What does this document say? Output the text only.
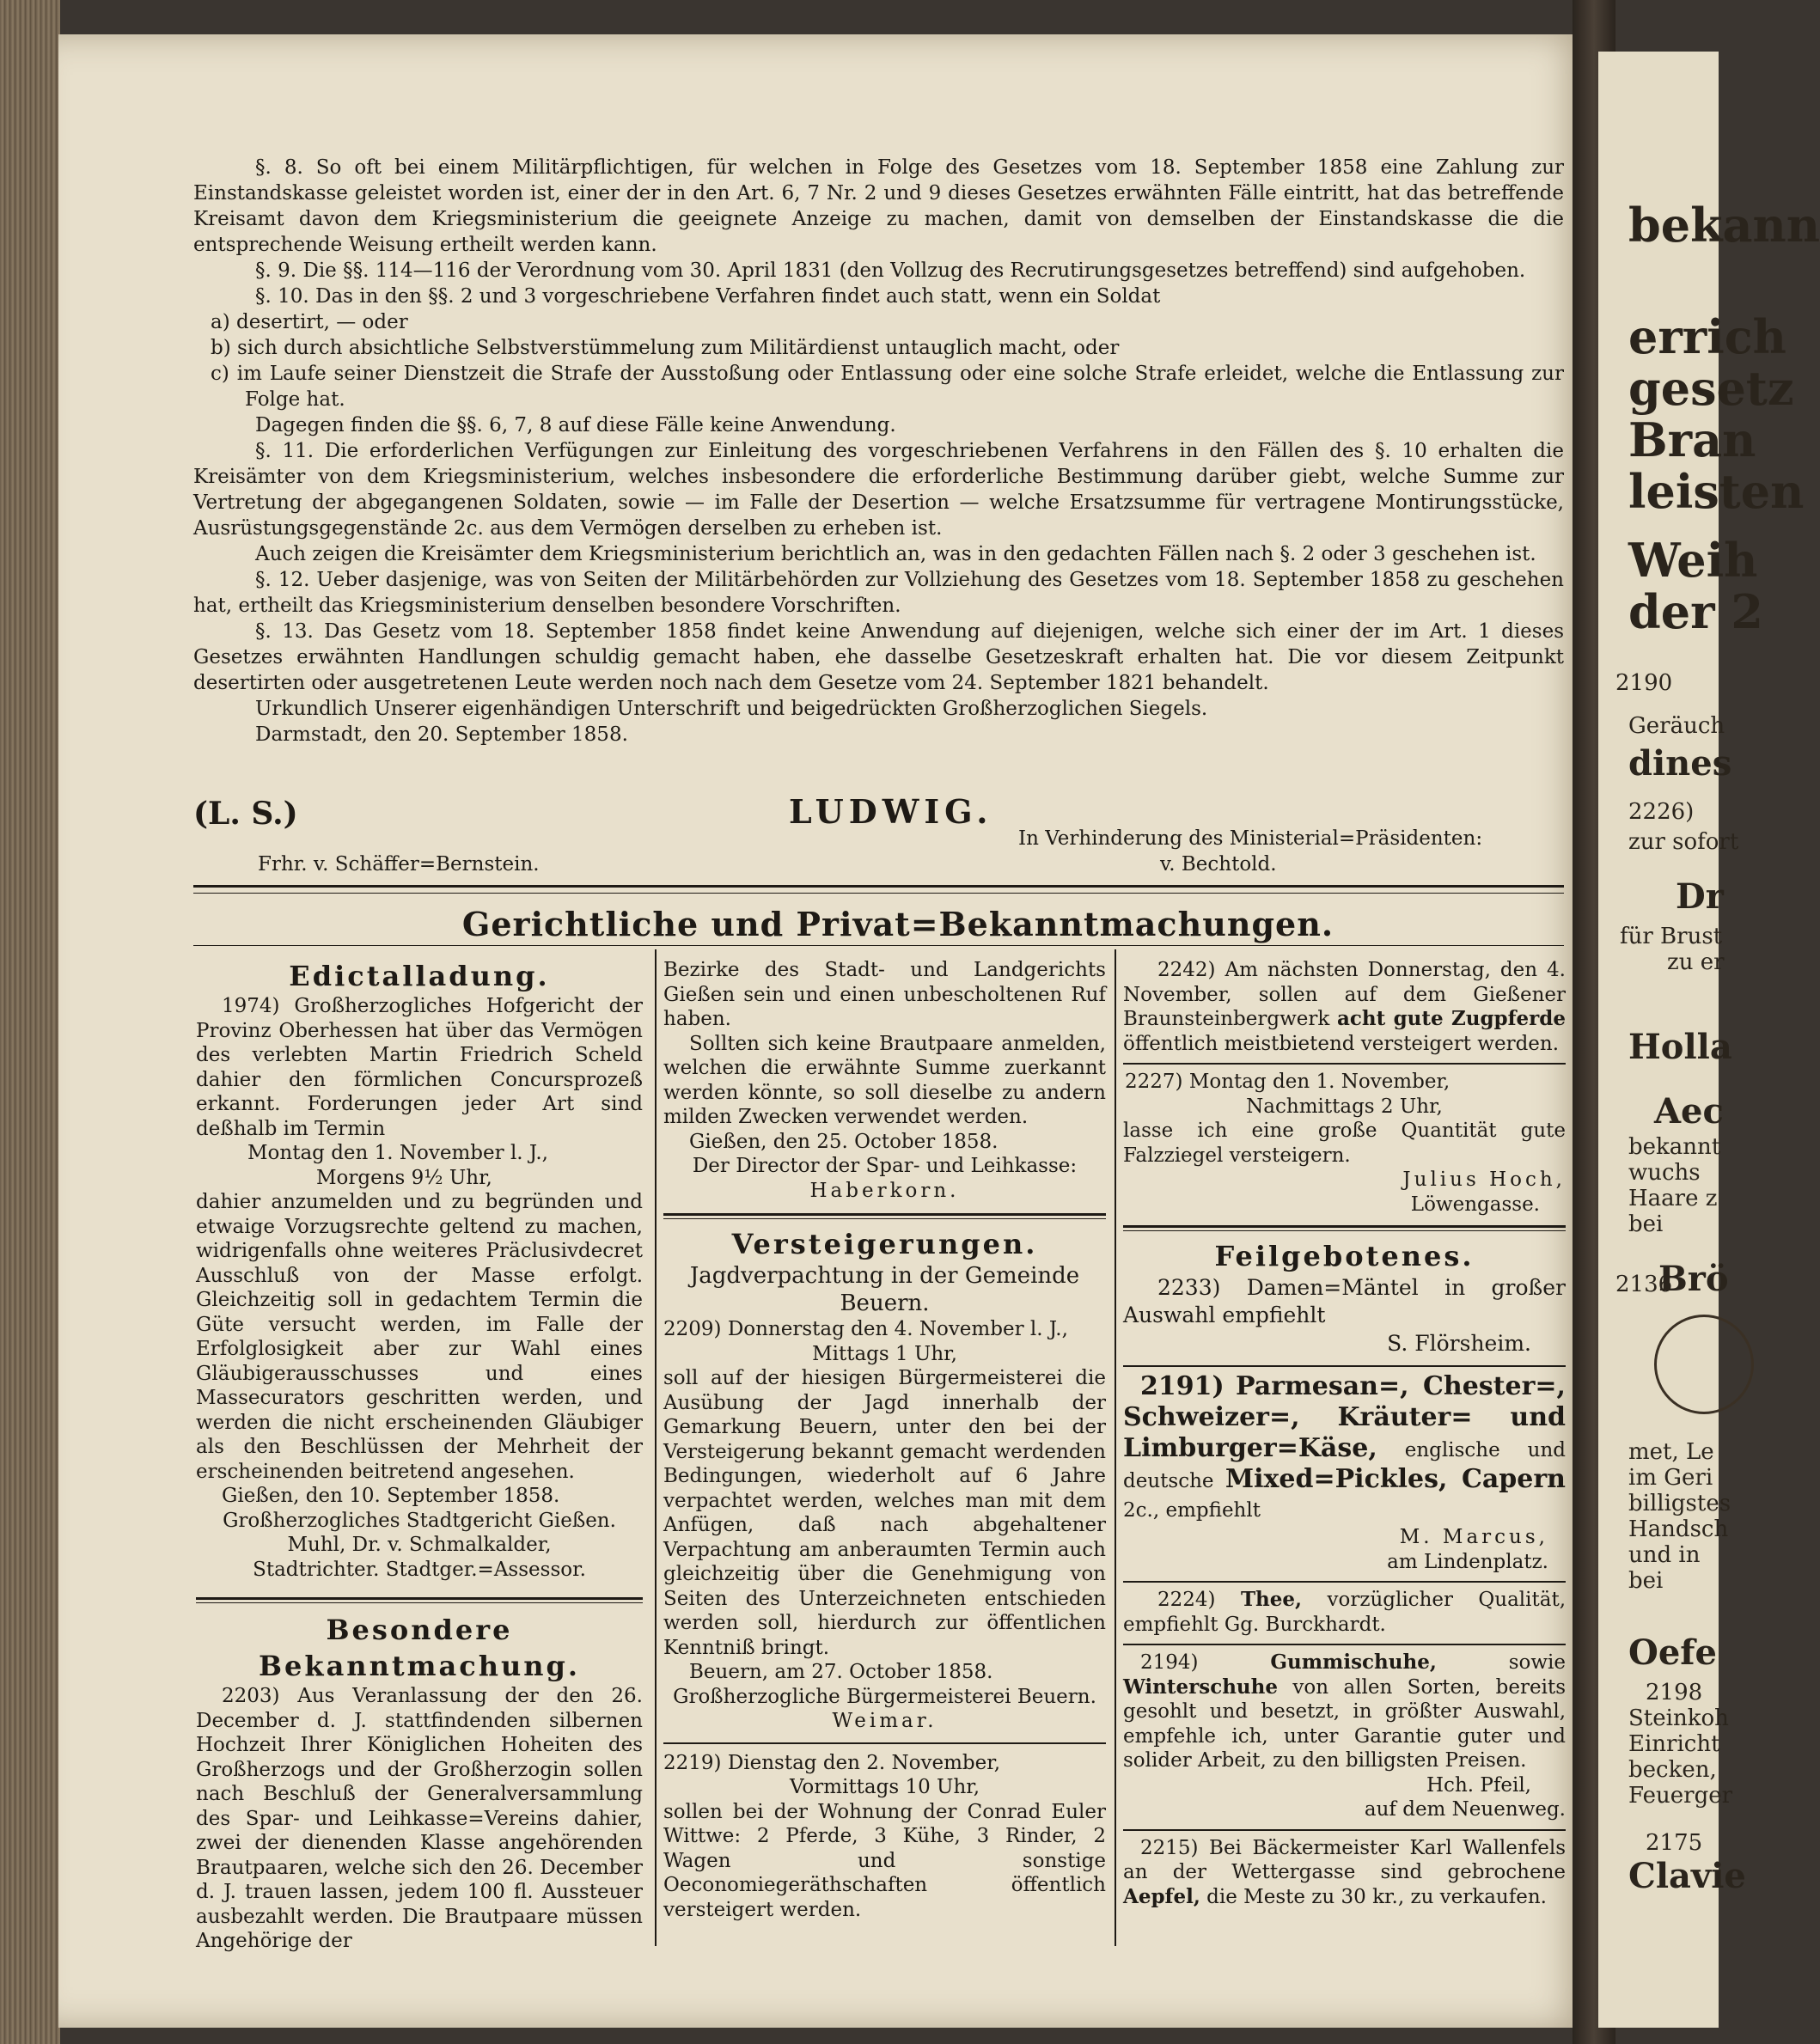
§. 8. So oft bei einem Militärpflichtigen, für welchen in Folge des Gesetzes vom 18. September 1858 eine Zahlung zur Einstandskasse geleistet worden ist, einer der in den Art. 6, 7 Nr. 2 und 9 dieses Gesetzes erwähnten Fälle eintritt, hat das betreffende Kreisamt davon dem Kriegsministerium die geeignete Anzeige zu machen, damit von demselben der Einstandskasse die die entsprechende Weisung ertheilt werden kann.

§. 9. Die §§. 114—116 der Verordnung vom 30. April 1831 (den Vollzug des Recrutirungsgesetzes betreffend) sind aufgehoben.

§. 10. Das in den §§. 2 und 3 vorgeschriebene Verfahren findet auch statt, wenn ein Soldat

a) desertirt, — oder

b) sich durch absichtliche Selbstverstümmelung zum Militärdienst untauglich macht, oder

c) im Laufe seiner Dienstzeit die Strafe der Ausstoßung oder Entlassung oder eine solche Strafe erleidet, welche die Entlassung zur Folge hat.

Dagegen finden die §§. 6, 7, 8 auf diese Fälle keine Anwendung.

§. 11. Die erforderlichen Verfügungen zur Einleitung des vorgeschriebenen Verfahrens in den Fällen des §. 10 erhalten die Kreisämter von dem Kriegsministerium, welches insbesondere die erforderliche Bestimmung darüber giebt, welche Summe zur Vertretung der abgegangenen Soldaten, sowie — im Falle der Desertion — welche Ersatzsumme für vertragene Montirungsstücke, Ausrüstungsgegenstände 2c. aus dem Vermögen derselben zu erheben ist.

Auch zeigen die Kreisämter dem Kriegsministerium berichtlich an, was in den gedachten Fällen nach §. 2 oder 3 geschehen ist.

§. 12. Ueber dasjenige, was von Seiten der Militärbehörden zur Vollziehung des Gesetzes vom 18. September 1858 zu geschehen hat, ertheilt das Kriegsministerium denselben besondere Vorschriften.

§. 13. Das Gesetz vom 18. September 1858 findet keine Anwendung auf diejenigen, welche sich einer der im Art. 1 dieses Gesetzes erwähnten Handlungen schuldig gemacht haben, ehe dasselbe Gesetzeskraft erhalten hat. Die vor diesem Zeitpunkt desertirten oder ausgetretenen Leute werden noch nach dem Gesetze vom 24. September 1821 behandelt.

Urkundlich Unserer eigenhändigen Unterschrift und beigedrückten Großherzoglichen Siegels.

Darmstadt, den 20. September 1858.

(L. S.)	LUDWIG.
In Verhinderung des Ministerial=Präsidenten:
Frhr. v. Schäffer=Bernstein.	v. Bechtold.
Gerichtliche und Privat=Bekanntmachungen.

Edictalladung.

1974) Großherzogliches Hofgericht der Provinz Oberhessen hat über das Vermögen des verlebten Martin Friedrich Scheld dahier den förmlichen Concursprozeß erkannt. Forderungen jeder Art sind deßhalb im Termin

Montag den 1. November l. J.,

Morgens 9½ Uhr,

dahier anzumelden und zu begründen und etwaige Vorzugsrechte geltend zu machen, widrigenfalls ohne weiteres Präclusivdecret Ausschluß von der Masse erfolgt. Gleichzeitig soll in gedachtem Termin die Güte versucht werden, im Falle der Erfolglosigkeit aber zur Wahl eines Gläubigerausschusses und eines Massecurators geschritten werden, und werden die nicht erscheinenden Gläubiger als den Beschlüssen der Mehrheit der erscheinenden beitretend angesehen.

Gießen, den 10. September 1858.

Großherzogliches Stadtgericht Gießen.

Muhl, Dr. v. Schmalkalder,

Stadtrichter. Stadtger.=Assessor.

Besondere Bekanntmachung.

2203) Aus Veranlassung der den 26. December d. J. stattfindenden silbernen Hochzeit Ihrer Königlichen Hoheiten des Großherzogs und der Großherzogin sollen nach Beschluß der Generalversammlung des Spar- und Leihkasse=Vereins dahier, zwei der dienenden Klasse angehörenden Brautpaaren, welche sich den 26. December d. J. trauen lassen, jedem 100 fl. Aussteuer ausbezahlt werden. Die Brautpaare müssen Angehörige der

Bezirke des Stadt- und Landgerichts Gießen sein und einen unbescholtenen Ruf haben.

Sollten sich keine Brautpaare anmelden, welchen die erwähnte Summe zuerkannt werden könnte, so soll dieselbe zu andern milden Zwecken verwendet werden.

Gießen, den 25. October 1858.

Der Director der Spar- und Leihkasse:

Haberkorn.

Versteigerungen.

Jagdverpachtung in der Gemeinde Beuern.

2209) Donnerstag den 4. November l. J.,

Mittags 1 Uhr,

soll auf der hiesigen Bürgermeisterei die Ausübung der Jagd innerhalb der Gemarkung Beuern, unter den bei der Versteigerung bekannt gemacht werdenden Bedingungen, wiederholt auf 6 Jahre verpachtet werden, welches man mit dem Anfügen, daß nach abgehaltener Verpachtung am anberaumten Termin auch gleichzeitig über die Genehmigung von Seiten des Unterzeichneten entschieden werden soll, hierdurch zur öffentlichen Kenntniß bringt.

Beuern, am 27. October 1858.

Großherzogliche Bürgermeisterei Beuern.

Weimar.

2219) Dienstag den 2. November,

Vormittags 10 Uhr,

sollen bei der Wohnung der Conrad Euler Wittwe: 2 Pferde, 3 Kühe, 3 Rinder, 2 Wagen und sonstige Oeconomiegeräthschaften öffentlich versteigert werden.

2242) Am nächsten Donnerstag, den 4. November, sollen auf dem Gießener Braunsteinbergwerk acht gute Zugpferde öffentlich meistbietend versteigert werden.

2227) Montag den 1. November,

Nachmittags 2 Uhr,

lasse ich eine große Quantität gute Falzziegel versteigern.

Julius Hoch,

Löwengasse.

Feilgebotenes.

2233) Damen=Mäntel in großer Auswahl empfiehlt

S. Flörsheim.

2191) Parmesan=, Chester=, Schweizer=, Kräuter= und Limburger=Käse, englische und deutsche Mixed=Pickles, Capern 2c., empfiehlt

M. Marcus,

am Lindenplatz.

2224) Thee, vorzüglicher Qualität, empfiehlt Gg. Burckhardt.

2194)	Gummischuhe,	sowie Winterschuhe von allen Sorten, bereits gesohlt und besetzt, in größter Auswahl, empfehle ich, unter Garantie guter und solider Arbeit, zu den billigsten Preisen.

Hch. Pfeil,

auf dem Neuenweg.

2215) Bei Bäckermeister Karl Wallenfels an der Wettergasse sind gebrochene Aepfel, die Meste zu 30 kr., zu verkaufen.

bekann
errich
gesetz
Bran
leisten
Weih
der 2
2190
Geräuch
dines
2226)
zur sofort
Dr
für Brust
zu er
Holla
Aec
bekannt
wuchs
Haare z
bei
2136
Brö
met, Le
im Geri
billigstes
Handsch
und in
bei
Oefe
2198
Steinkoh
Einricht
becken,
Feuerger
2175
Clavie
